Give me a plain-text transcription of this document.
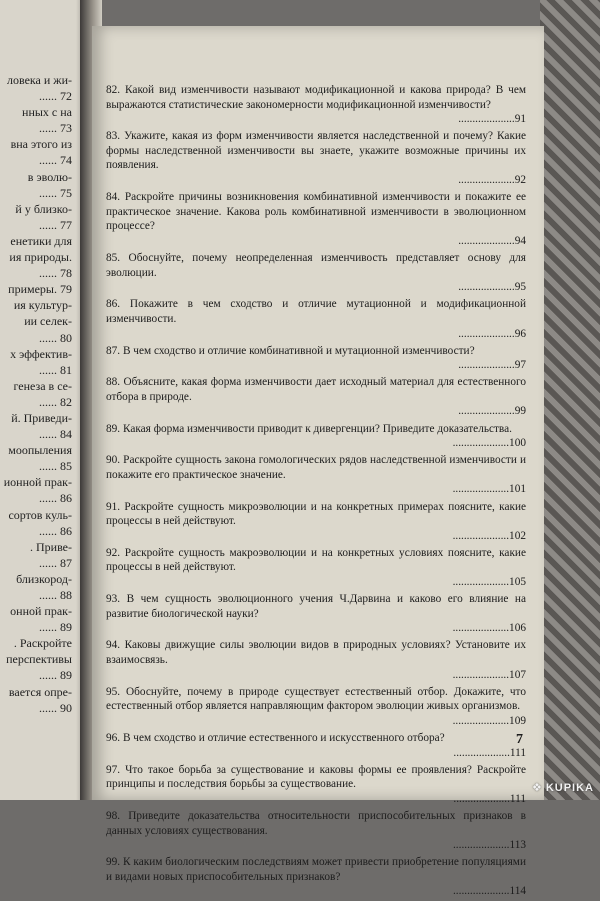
ловека и жи-
...... 72
нных с на
...... 73
вна этого из
...... 74
в эволю-
...... 75
й у близко-
...... 77
енетики для
ия природы.
...... 78
примеры. 79
ия культур-
ии селек-
...... 80
х эффектив-
...... 81
генеза в се-
...... 82
й. Приведи-
...... 84
моопыления
...... 85
ионной прак-
...... 86
сортов куль-
...... 86
. Приве-
...... 87
близкород-
...... 88
онной прак-
...... 89
. Раскройте
перспективы
...... 89
вается опре-
...... 90

82. Какой вид изменчивости называют модификационной и какова природа? В чем выражаются статистические закономерности модификационной изменчивости?

....................91

83. Укажите, какая из форм изменчивости является наследственной и почему? Какие формы наследственной изменчивости вы знаете, укажите возможные причины их появления.

....................92

84. Раскройте причины возникновения комбинативной изменчивости и покажите ее практическое значение. Какова роль комбинативной изменчивости в эволюционном процессе?

....................94

85. Обоснуйте, почему неопределенная изменчивость представляет основу для эволюции.

....................95

86. Покажите в чем сходство и отличие мутационной и модификационной изменчивости.

....................96

87. В чем сходство и отличие комбинативной и мутационной изменчивости?

....................97

88. Объясните, какая форма изменчивости дает исходный материал для естественного отбора в природе.

....................99

89. Какая форма изменчивости приводит к дивергенции? Приведите доказательства.

....................100

90. Раскройте сущность закона гомологических рядов наследственной изменчивости и покажите его практическое значение.

....................101

91. Раскройте сущность микроэволюции и на конкретных примерах поясните, какие процессы в ней действуют.

....................102

92. Раскройте сущность макроэволюции и на конкретных условиях поясните, какие процессы в ней действуют.

....................105

93. В чем сущность эволюционного учения Ч.Дарвина и каково его влияние на развитие биологической науки?

....................106

94. Каковы движущие силы эволюции видов в природных условиях? Установите их взаимосвязь.

....................107

95. Обоснуйте, почему в природе существует естественный отбор. Докажите, что естественный отбор является направляющим фактором эволюции живых организмов.

....................109

96. В чем сходство и отличие естественного и искусственного отбора?

....................111

97. Что такое борьба за существование и каковы формы ее проявления? Раскройте принципы и последствия борьбы за существование.

....................111

98. Приведите доказательства относительности приспособительных признаков в данных условиях существования.

....................113

99. К каким биологическим последствиям может привести приобретение популяциями и видами новых приспособительных признаков?

....................114
7
❖ KUPIKA
